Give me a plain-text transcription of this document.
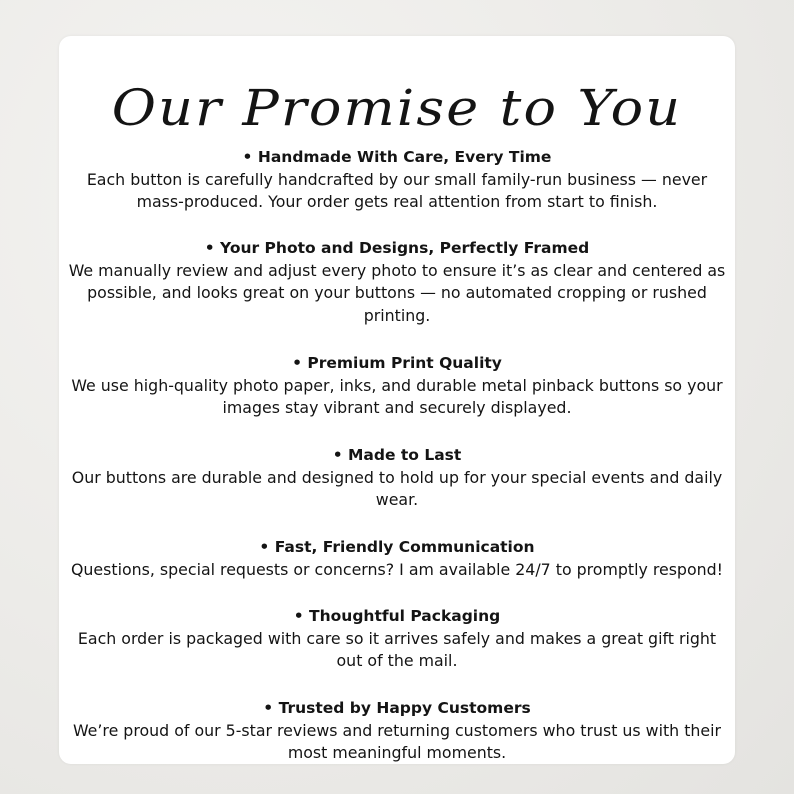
Our Promise to You
• Handmade With Care, Every Time
Each button is carefully handcrafted by our small family-run business — never mass-produced. Your order gets real attention from start to finish.
• Your Photo and Designs, Perfectly Framed
We manually review and adjust every photo to ensure it’s as clear and centered as possible, and looks great on your buttons — no automated cropping or rushed printing.
• Premium Print Quality
We use high-quality photo paper, inks, and durable metal pinback buttons so your images stay vibrant and securely displayed.
• Made to Last
Our buttons are durable and designed to hold up for your special events and daily wear.
• Fast, Friendly Communication
Questions, special requests or concerns? I am available 24/7 to promptly respond!
• Thoughtful Packaging
Each order is packaged with care so it arrives safely and makes a great gift right out of the mail.
• Trusted by Happy Customers
We’re proud of our 5-star reviews and returning customers who trust us with their most meaningful moments.
